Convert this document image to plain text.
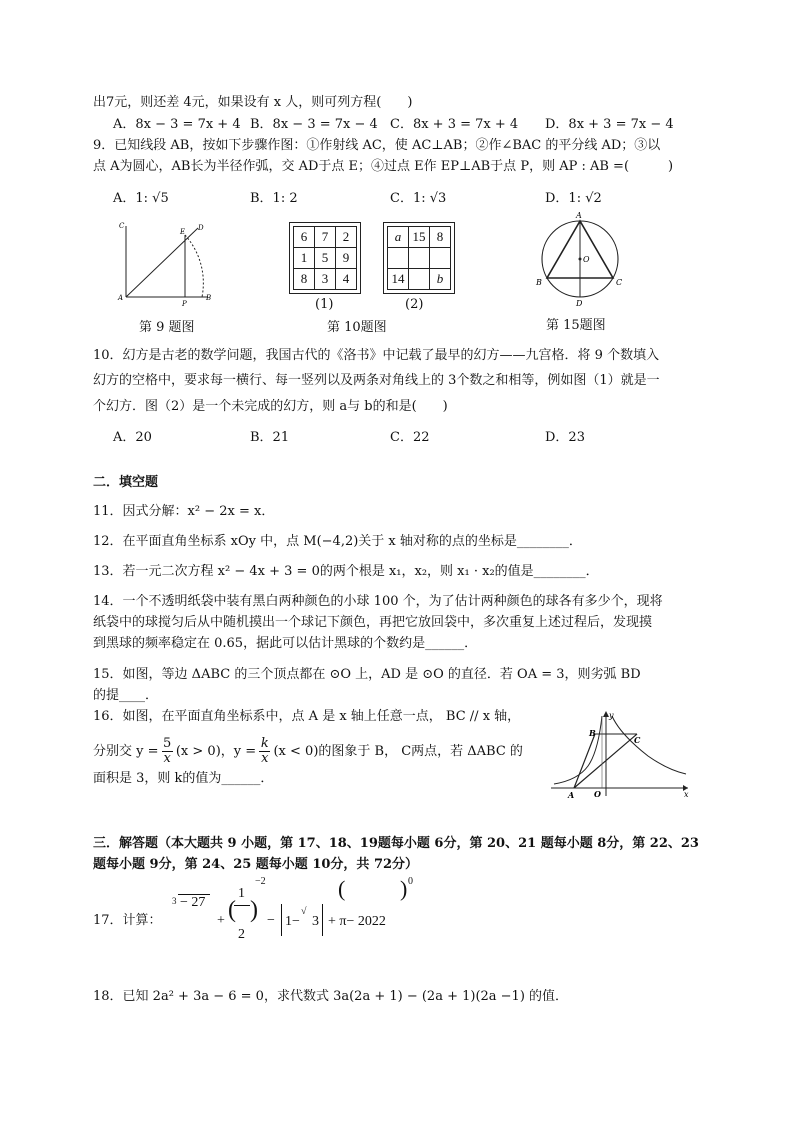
出7元，则还差 4元，如果设有 x 人，则可列方程(　　)
A．8x − 3 = 7x + 4 B．8x − 3 = 7x − 4 C．8x + 3 = 7x + 4 D．8x + 3 = 7x − 4
9．已知线段 AB，按如下步骤作图：①作射线 AC，使 AC⊥AB；②作∠BAC 的平分线 AD；③以
点 A为圆心，AB长为半径作弧，交 AD于点 E；④过点 E作 EP⊥AB于点 P，则 AP : AB =(　　　)
A．1: √5	B．1: 2	C．1: √3	D．1: √2
C
E D
A
P
B
6	7	2
1	5	9
8	3	4
a	15	8

14		b
(1)	(2)
A
O
B	C
D
第 9 题图	第 10题图	第 15题图
10．幻方是古老的数学问题，我国古代的《洛书》中记载了最早的幻方——九宫格．将 9 个数填入
幻方的空格中，要求每一横行、每一竖列以及两条对角线上的 3个数之和相等，例如图（1）就是一
个幻方．图（2）是一个未完成的幻方，则 a与 b的和是(　　)
A．20	B．21	C．22	D．23
二．填空题
11．因式分解：x² − 2x = x．
12．在平面直角坐标系 xOy 中，点 M(−4,2)关于 x 轴对称的点的坐标是________．
13．若一元二次方程 x² − 4x + 3 = 0的两个根是 x₁，x₂，则 x₁ · x₂的值是________．
14．一个不透明纸袋中装有黑白两种颜色的小球 100 个，为了估计两种颜色的球各有多少个，现将
纸袋中的球搅匀后从中随机摸出一个球记下颜色，再把它放回袋中，多次重复上述过程后，发现摸
到黑球的频率稳定在 0.65，据此可以估计黑球的个数约是______．
15．如图，等边 ΔABC 的三个顶点都在 ⊙O 上，AD 是 ⊙O 的直径．若 OA = 3，则劣弧 BD
的提____．
16．如图，在平面直角坐标系中，点 A 是 x 轴上任意一点， BC // x 轴，
分别交 $y = \frac{5}{x} (x > 0)$，$y = \frac{k}{x} (x < 0)$的图象于 B， C两点，若 ΔABC 的
面积是 3，则 k的值为______．
y
B
C
A O	x
三．解答题（本大题共 9 小题，第 17、18、19题每小题 6分，第 20、21 题每小题 8分，第 22、23
题每小题 9分，第 24、25 题每小题 10分，共 72分）
17．计算：
3 − 27
+ (
1
2
)
−2
− 1−
√
3 + π− 2022
( ) 0
18．已知 2a² + 3a − 6 = 0，求代数式 3a(2a + 1) − (2a + 1)(2a −1) 的值．
